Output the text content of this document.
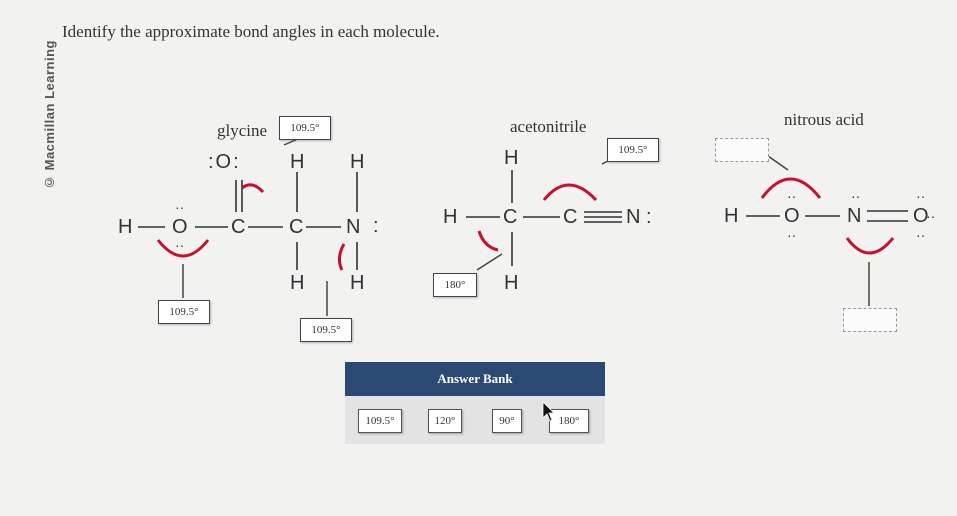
© Macmillan Learning
Identify the approximate bond angles in each molecule.
glycine	109.5°
109.5°
109.5°
:O: H H
H O
··
··
C C N :
H H
acetonitrile
109.5°
180°
H
H C C N :
H
nitrous acid
H O N	O
··
··
··	··
··
··
Answer Bank
109.5°	120°	90°	180°
